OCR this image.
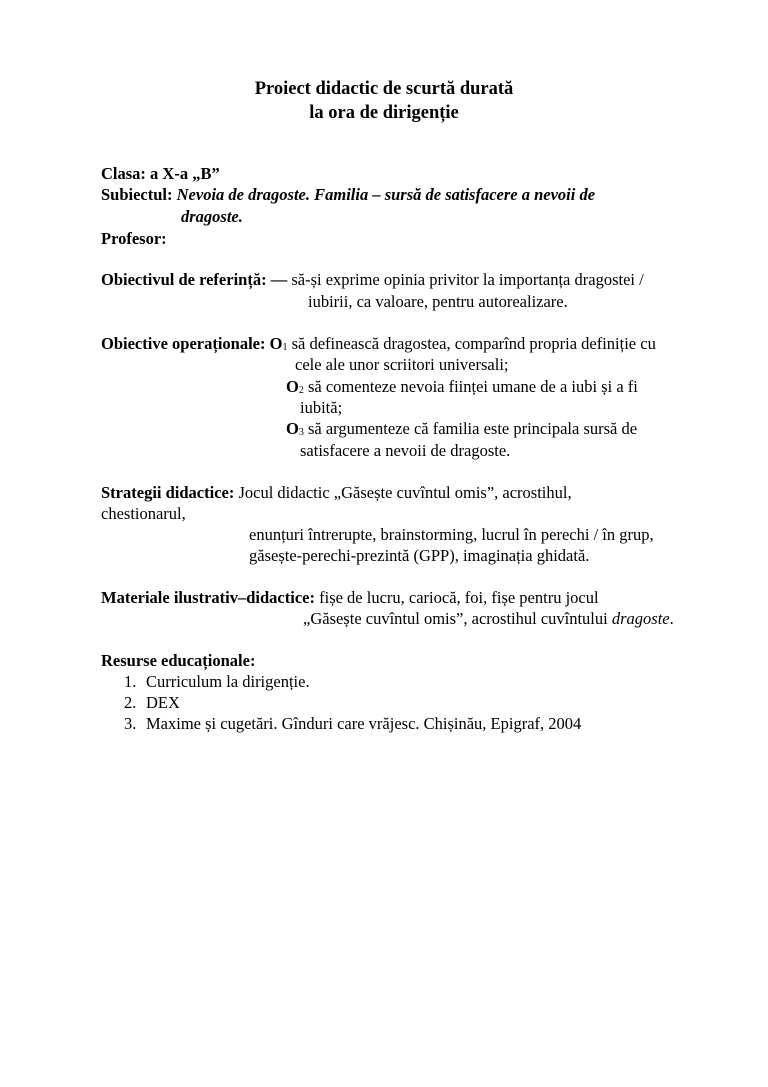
Proiect didactic de scurtă durată
la ora de dirigenție
Clasa: a X-a „B”
Subiectul: Nevoia de dragoste. Familia – sursă de satisfacere a nevoii de
dragoste.
Profesor:
Obiectivul de referință: — să-și exprime opinia privitor la importanța dragostei /
iubirii, ca valoare, pentru autorealizare.
Obiective operaționale: $O_1$ să definească dragostea, comparînd propria definiție cu
cele ale unor scriitori universali;
$O_2$ să comenteze nevoia ființei umane de a iubi și a fi
iubită;
$O_3$ să argumenteze că familia este principala sursă de
satisfacere a nevoii de dragoste.
Strategii didactice: Jocul didactic „Găsește cuvîntul omis”, acrostihul,
chestionarul,
enunțuri întrerupte, brainstorming, lucrul în perechi / în grup,
găsește-perechi-prezintă (GPP), imaginația ghidată.
Materiale ilustrativ–didactice: fișe de lucru, cariocă, foi, fișe pentru jocul
„Găsește cuvîntul omis”, acrostihul cuvîntului dragoste.
Resurse educaționale:
1. Curriculum la dirigenție.
2. DEX
3. Maxime și cugetări. Gînduri care vrăjesc. Chișinău, Epigraf, 2004
